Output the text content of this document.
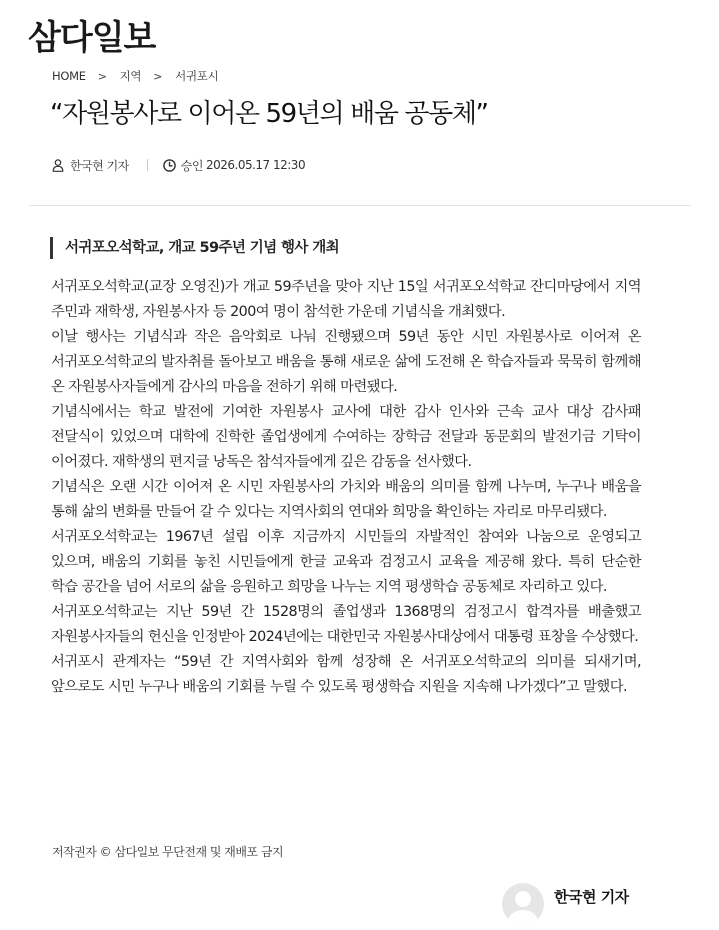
삼다일보
HOME > 지역 > 서귀포시
“자원봉사로 이어온 59년의 배움 공동체”
한국현 기자	승인 2026.05.17 12:30
서귀포오석학교, 개교 59주년 기념 행사 개최

서귀포오석학교(교장 오영진)가 개교 59주년을 맞아 지난 15일 서귀포오석학교 잔디마당에서 지역 주민과 재학생, 자원봉사자 등 200여 명이 참석한 가운데 기념식을 개최했다.

이날 행사는 기념식과 작은 음악회로 나눠 진행됐으며 59년 동안 시민 자원봉사로 이어져 온 서귀포오석학교의 발자취를 돌아보고 배움을 통해 새로운 삶에 도전해 온 학습자들과 묵묵히 함께해 온 자원봉사자들에게 감사의 마음을 전하기 위해 마련됐다.

기념식에서는 학교 발전에 기여한 자원봉사 교사에 대한 감사 인사와 근속 교사 대상 감사패 전달식이 있었으며 대학에 진학한 졸업생에게 수여하는 장학금 전달과 동문회의 발전기금 기탁이 이어졌다. 재학생의 편지글 낭독은 참석자들에게 깊은 감동을 선사했다.

기념식은 오랜 시간 이어져 온 시민 자원봉사의 가치와 배움의 의미를 함께 나누며, 누구나 배움을 통해 삶의 변화를 만들어 갈 수 있다는 지역사회의 연대와 희망을 확인하는 자리로 마무리됐다.

서귀포오석학교는 1967년 설립 이후 지금까지 시민들의 자발적인 참여와 나눔으로 운영되고 있으며, 배움의 기회를 놓친 시민들에게 한글 교육과 검정고시 교육을 제공해 왔다. 특히 단순한 학습 공간을 넘어 서로의 삶을 응원하고 희망을 나누는 지역 평생학습 공동체로 자리하고 있다.

서귀포오석학교는 지난 59년 간 1528명의 졸업생과 1368명의 검정고시 합격자를 배출했고 자원봉사자들의 헌신을 인정받아 2024년에는 대한민국 자원봉사대상에서 대통령 표창을 수상했다.

서귀포시 관계자는 “59년 간 지역사회와 함께 성장해 온 서귀포오석학교의 의미를 되새기며, 앞으로도 시민 누구나 배움의 기회를 누릴 수 있도록 평생학습 지원을 지속해 나가겠다”고 말했다.

저작권자 © 삼다일보 무단전재 및 재배포 금지
한국현 기자
